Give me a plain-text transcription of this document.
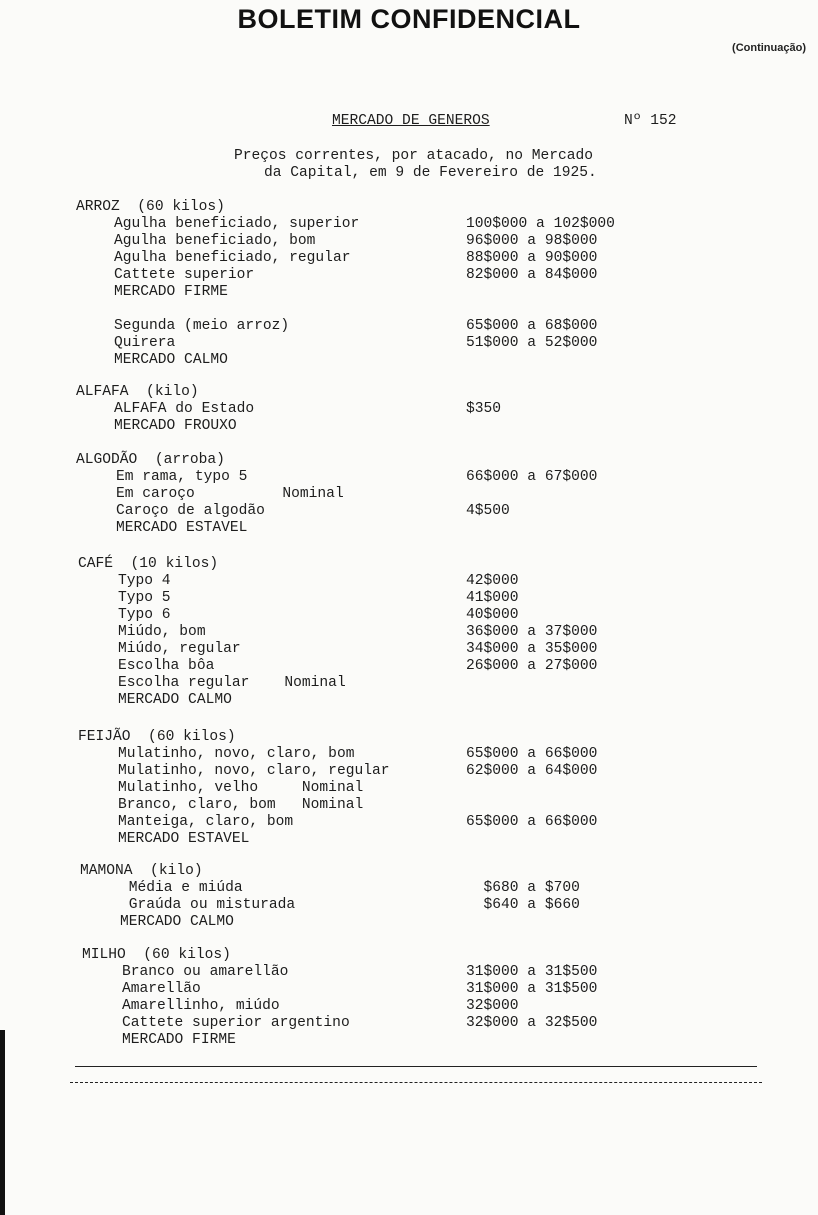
BOLETIM CONFIDENCIAL
(Continuação)
MERCADO DE GENEROS	Nº 152
Preços correntes, por atacado, no Mercado
da Capital, em 9 de Fevereiro de 1925.
ARROZ  (60 kilos)
Agulha beneficiado, superior	100$000 a 102$000
Agulha beneficiado, bom	96$000 a 98$000
Agulha beneficiado, regular	88$000 a 90$000
Cattete superior	82$000 a 84$000
MERCADO FIRME
Segunda (meio arroz)	65$000 a 68$000
Quirera	51$000 a 52$000
MERCADO CALMO
ALFAFA  (kilo)
ALFAFA do Estado	$350
MERCADO FROUXO
ALGODÃO  (arroba)
Em rama, typo 5	66$000 a 67$000
Em caroço          Nominal
Caroço de algodão	4$500
MERCADO ESTAVEL
CAFÉ  (10 kilos)
Typo 4	42$000
Typo 5	41$000
Typo 6	40$000
Miúdo, bom	36$000 a 37$000
Miúdo, regular	34$000 a 35$000
Escolha bôa	26$000 a 27$000
Escolha regular    Nominal
MERCADO CALMO
FEIJÃO  (60 kilos)
Mulatinho, novo, claro, bom	65$000 a 66$000
Mulatinho, novo, claro, regular	62$000 a 64$000
Mulatinho, velho     Nominal
Branco, claro, bom   Nominal
Manteiga, claro, bom	65$000 a 66$000
MERCADO ESTAVEL
MAMONA  (kilo)
Média e miúda	$680 a $700
Graúda ou misturada	$640 a $660
MERCADO CALMO
MILHO  (60 kilos)
Branco ou amarellão	31$000 a 31$500
Amarellão	31$000 a 31$500
Amarellinho, miúdo	32$000
Cattete superior argentino	32$000 a 32$500
MERCADO FIRME
